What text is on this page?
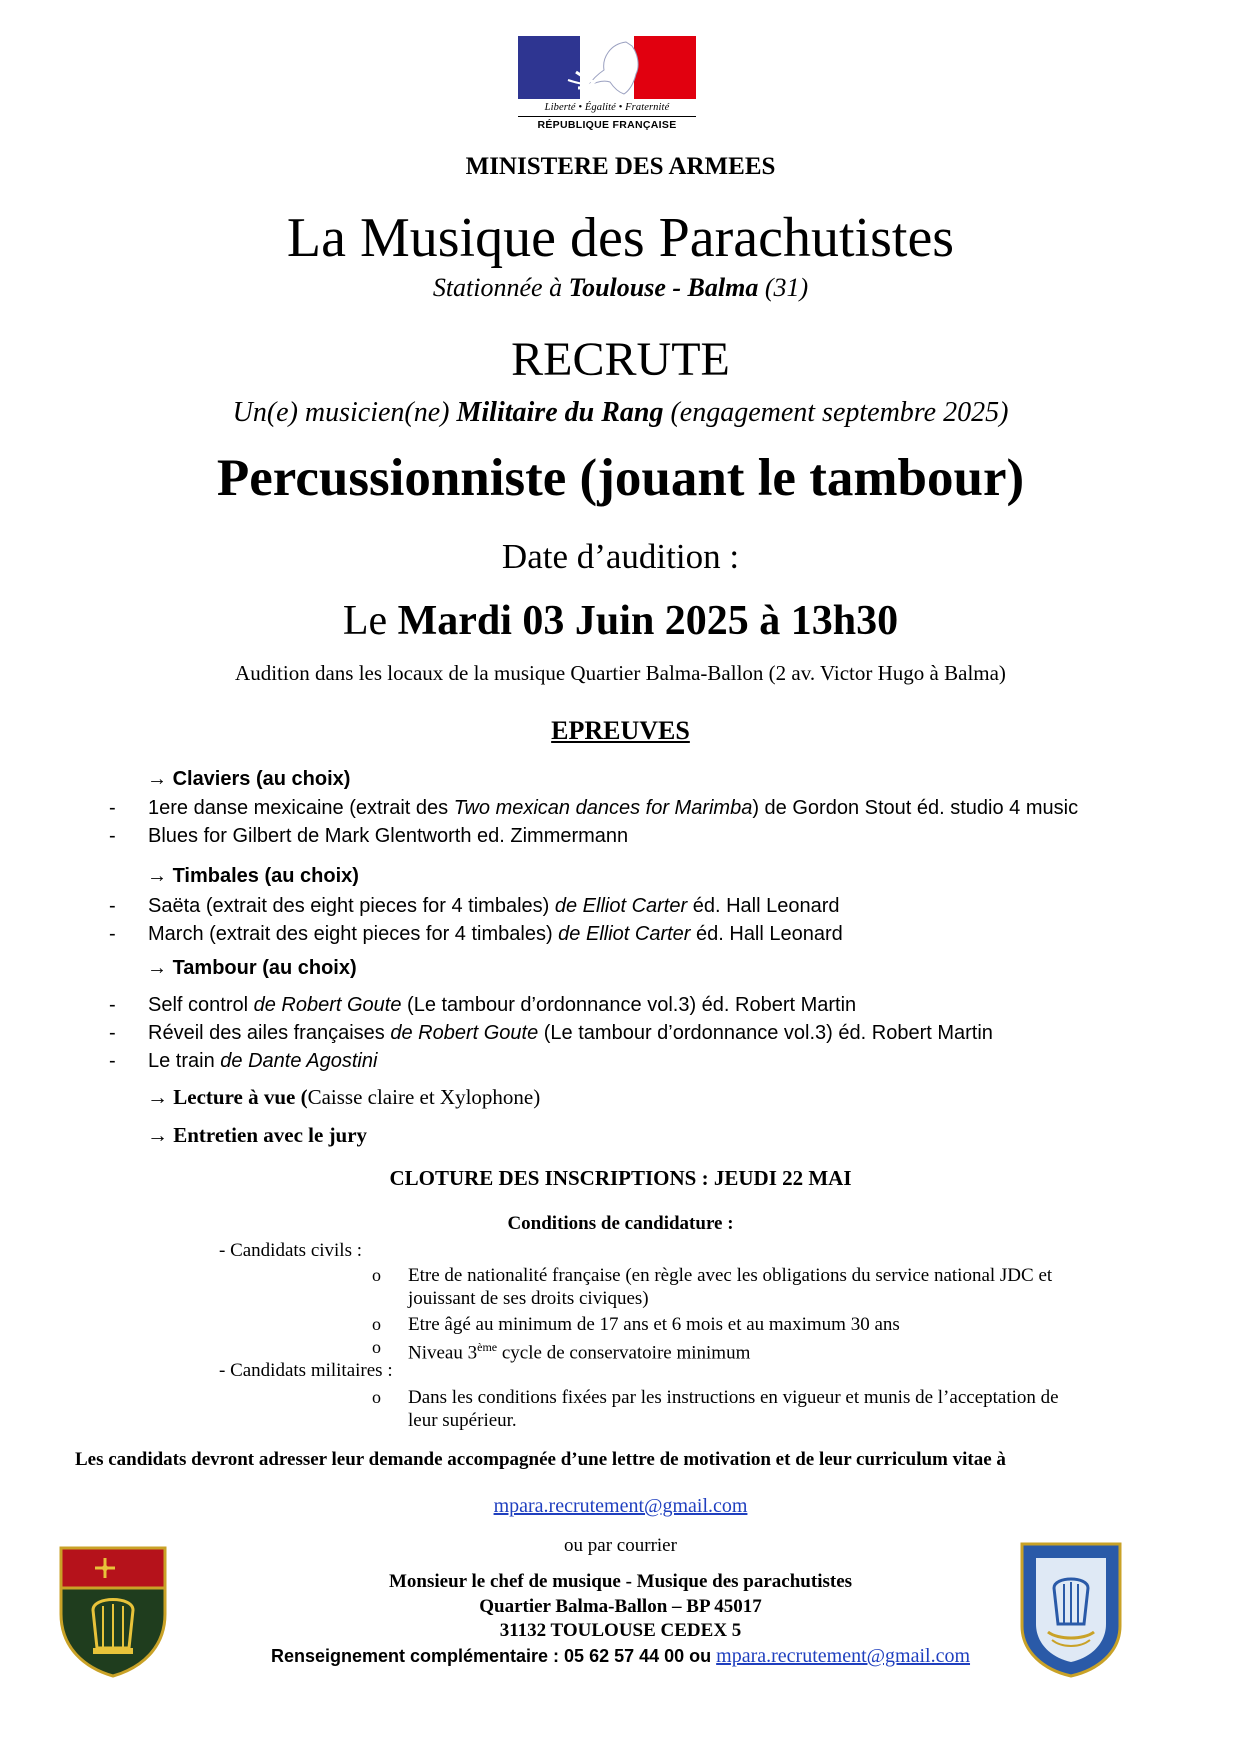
Liberté • Égalité • Fraternité
RÉPUBLIQUE FRANÇAISE
MINISTERE DES ARMEES
La Musique des Parachutistes
Stationnée à Toulouse - Balma (31)
RECRUTE
Un(e) musicien(ne) Militaire du Rang (engagement septembre 2025)
Percussionniste (jouant le tambour)
Date d’audition :
Le Mardi 03 Juin 2025 à 13h30
Audition dans les locaux de la musique Quartier Balma-Ballon (2 av. Victor Hugo à Balma)
EPREUVES
→ Claviers (au choix)
- 1ere danse mexicaine (extrait des Two mexican dances for Marimba) de Gordon Stout éd. studio 4 music
- Blues for Gilbert de Mark Glentworth ed. Zimmermann
→ Timbales (au choix)
- Saëta (extrait des eight pieces for 4 timbales) de Elliot Carter éd. Hall Leonard
- March (extrait des eight pieces for 4 timbales) de Elliot Carter éd. Hall Leonard
→ Tambour (au choix)
- Self control de Robert Goute (Le tambour d’ordonnance vol.3) éd. Robert Martin
- Réveil des ailes françaises de Robert Goute (Le tambour d’ordonnance vol.3) éd. Robert Martin
- Le train de Dante Agostini
→ Lecture à vue (Caisse claire et Xylophone)
→ Entretien avec le jury
CLOTURE DES INSCRIPTIONS : JEUDI 22 MAI
Conditions de candidature :
- Candidats civils :
o Etre de nationalité française (en règle avec les obligations du service national JDC et
jouissant de ses droits civiques)
o Etre âgé au minimum de 17 ans et 6 mois et au maximum 30 ans
o Niveau 3ème cycle de conservatoire minimum
- Candidats militaires :
o Dans les conditions fixées par les instructions en vigueur et munis de l’acceptation de
leur supérieur.
Les candidats devront adresser leur demande accompagnée d’une lettre de motivation et de leur curriculum vitae à
mpara.recrutement@gmail.com
ou par courrier
Monsieur le chef de musique - Musique des parachutistes
Quartier Balma-Ballon – BP 45017
31132 TOULOUSE CEDEX 5
Renseignement complémentaire : 05 62 57 44 00 ou mpara.recrutement@gmail.com
